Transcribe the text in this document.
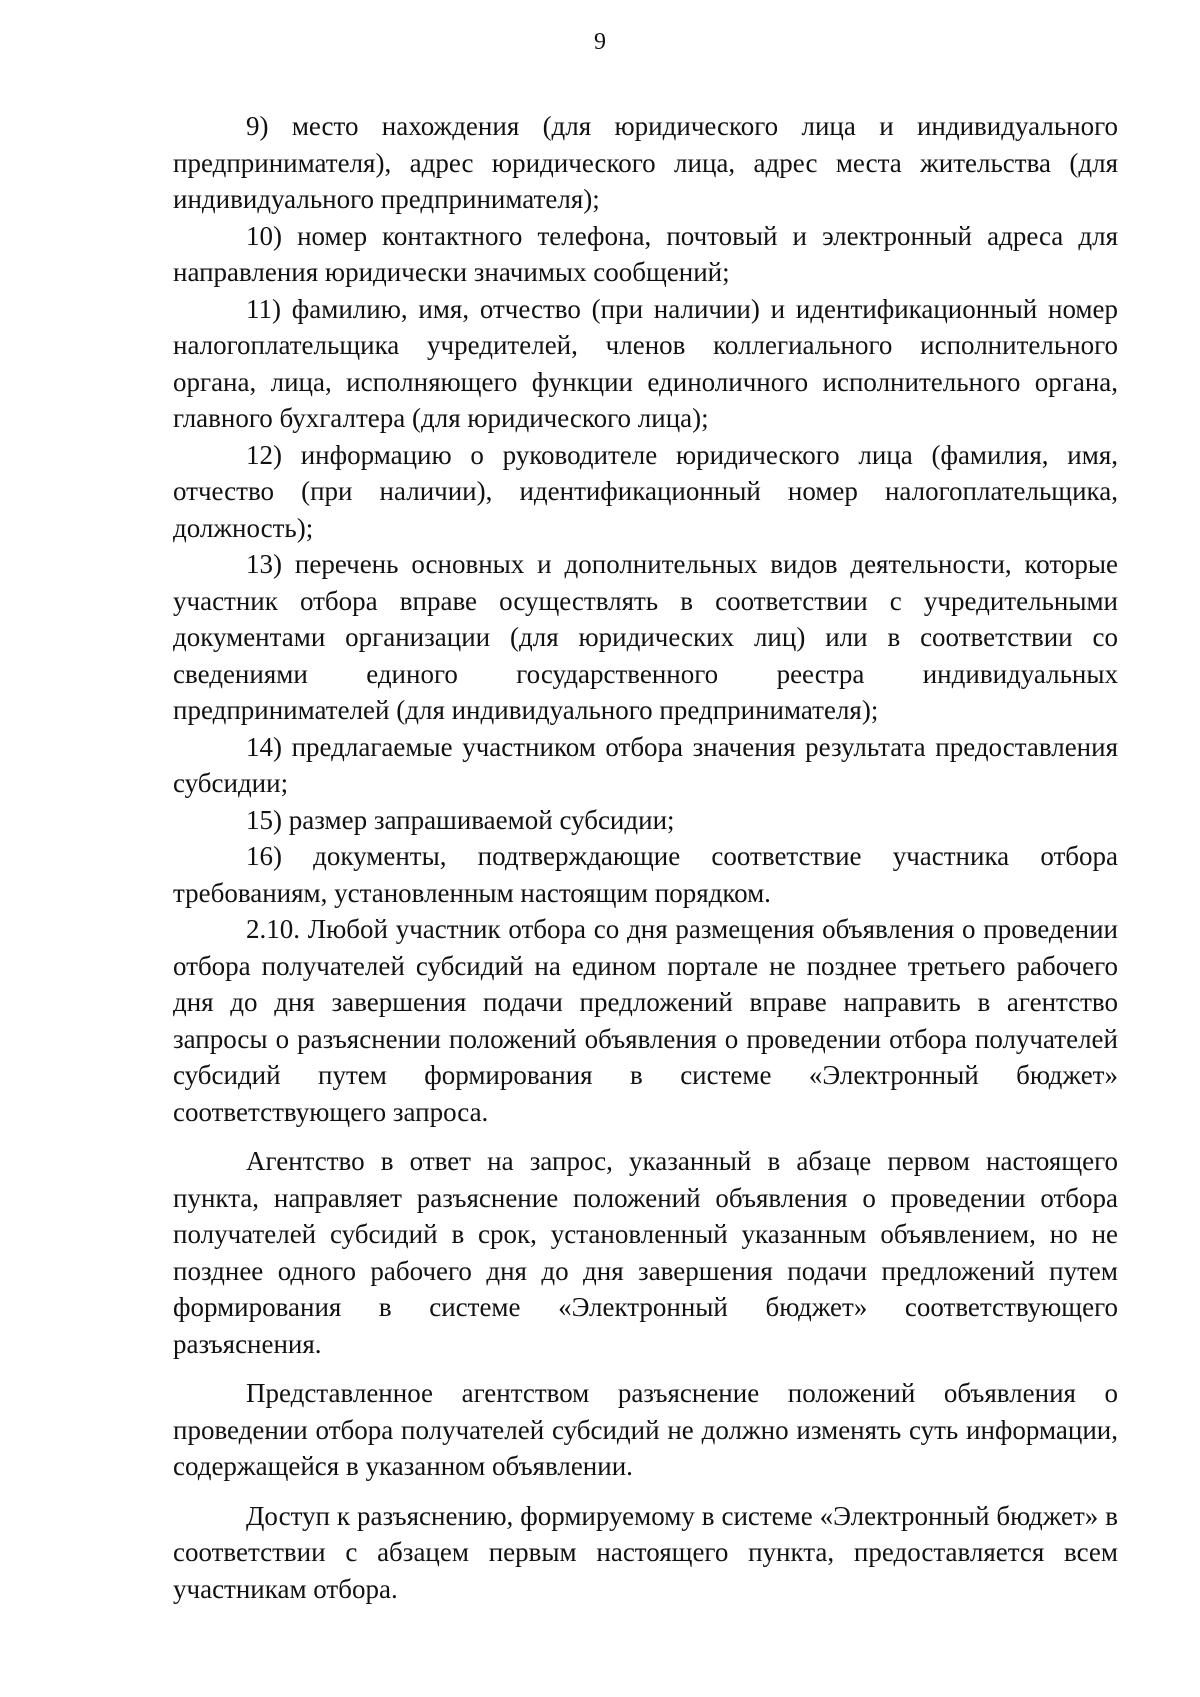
9

9) место нахождения (для юридического лица и индивидуального предпринимателя), адрес юридического лица, адрес места жительства (для индивидуального предпринимателя);

10) номер контактного телефона, почтовый и электронный адреса для направления юридически значимых сообщений;

11) фамилию, имя, отчество (при наличии) и идентификационный номер налогоплательщика учредителей, членов коллегиального исполнительного органа, лица, исполняющего функции единоличного исполнительного органа, главного бухгалтера (для юридического лица);

12) информацию о руководителе юридического лица (фамилия, имя, отчество (при наличии), идентификационный номер налогоплательщика, должность);

13) перечень основных и дополнительных видов деятельности, которые участник отбора вправе осуществлять в соответствии с учредительными документами организации (для юридических лиц) или в соответствии со сведениями единого государственного реестра индивидуальных предпринимателей (для индивидуального предпринимателя);

14) предлагаемые участником отбора значения результата предоставления субсидии;

15) размер запрашиваемой субсидии;

16) документы, подтверждающие соответствие участника отбора требованиям, установленным настоящим порядком.

2.10. Любой участник отбора со дня размещения объявления о проведении отбора получателей субсидий на едином портале не позднее третьего рабочего дня до дня завершения подачи предложений вправе направить в агентство запросы о разъяснении положений объявления о проведении отбора получателей субсидий путем формирования в системе «Электронный бюджет» соответствующего запроса.

Агентство в ответ на запрос, указанный в абзаце первом настоящего пункта, направляет разъяснение положений объявления о проведении отбора получателей субсидий в срок, установленный указанным объявлением, но не позднее одного рабочего дня до дня завершения подачи предложений путем формирования в системе «Электронный бюджет» соответствующего разъяснения.

Представленное агентством разъяснение положений объявления о проведении отбора получателей субсидий не должно изменять суть информации, содержащейся в указанном объявлении.

Доступ к разъяснению, формируемому в системе «Электронный бюджет» в соответствии с абзацем первым настоящего пункта, предоставляется всем участникам отбора.
